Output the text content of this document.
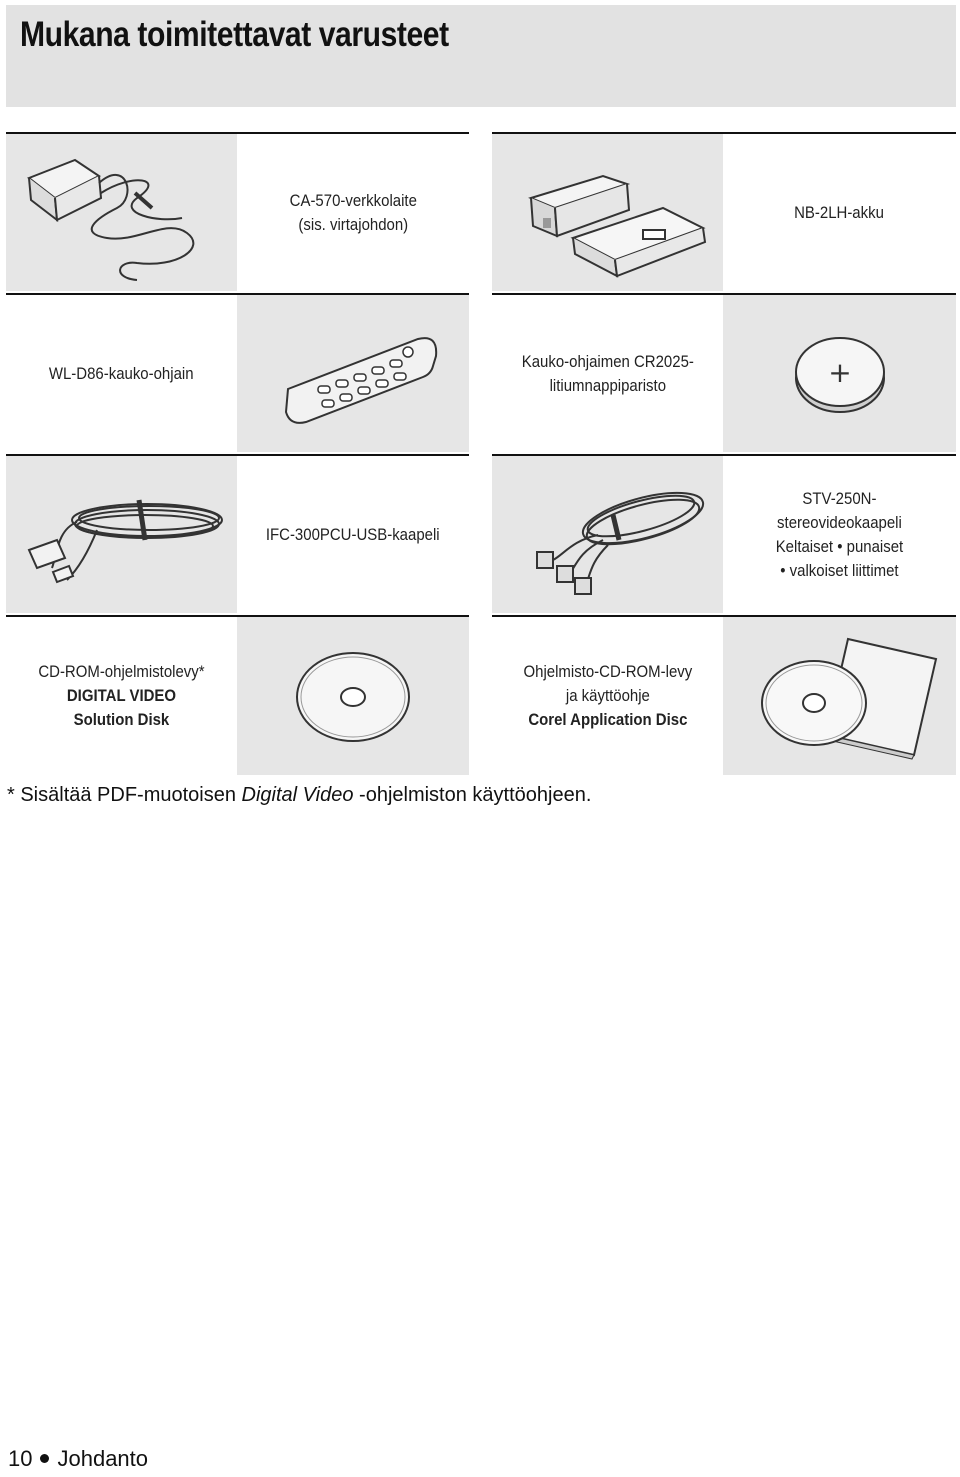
Mukana toimitettavat varusteet
CA-570-verkkolaite
(sis. virtajohdon)
NB-2LH-akku
WL-D86-kauko-ohjain
Kauko-ohjaimen CR2025-
litiumnappiparisto	+
IFC-300PCU-USB-kaapeli
STV-250N-
stereovideokaapeli
Keltaiset • punaiset
• valkoiset liittimet
CD-ROM-ohjelmistolevy*
DIGITAL VIDEO
Solution Disk
Ohjelmisto-CD-ROM-levy
ja käyttöohje
Corel Application Disc
* Sisältää PDF-muotoisen Digital Video -ohjelmiston käyttöohjeen.
10 Johdanto
